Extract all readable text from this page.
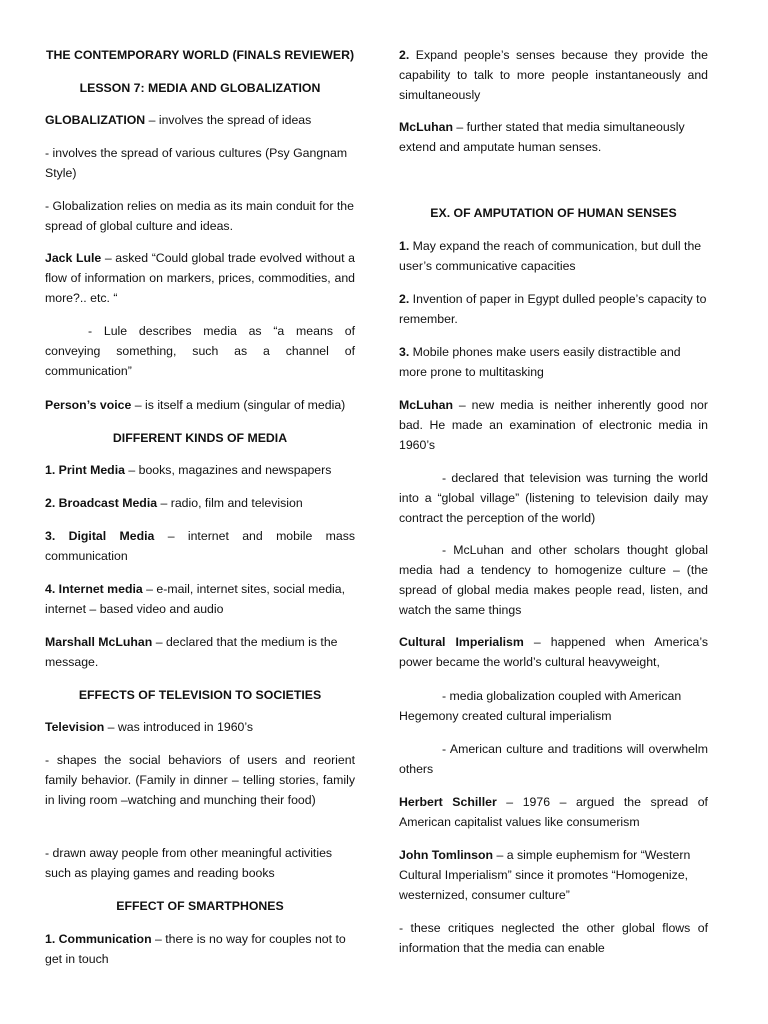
THE CONTEMPORARY WORLD (FINALS REVIEWER)

LESSON 7: MEDIA AND GLOBALIZATION

GLOBALIZATION – involves the spread of ideas

- involves the spread of various cultures (Psy Gangnam Style)

- Globalization relies on media as its main conduit for the spread of global culture and ideas.

Jack Lule – asked “Could global trade evolved without a flow of information on markers, prices, commodities, and more?.. etc. “

- Lule describes media as “a means of conveying something, such as a channel of communication”

Person’s voice – is itself a medium (singular of media)

DIFFERENT KINDS OF MEDIA

1. Print Media – books, magazines and newspapers

2. Broadcast Media – radio, film and television

3. Digital Media – internet and mobile mass communication

4. Internet media – e-mail, internet sites, social media, internet – based video and audio

Marshall McLuhan – declared that the medium is the message.

EFFECTS OF TELEVISION TO SOCIETIES

Television – was introduced in 1960’s

- shapes the social behaviors of users and reorient family behavior. (Family in dinner – telling stories, family in living room –watching and munching their food)

- drawn away people from other meaningful activities such as playing games and reading books

EFFECT OF SMARTPHONES

1. Communication – there is no way for couples not to get in touch

2. Expand people’s senses because they provide the capability to talk to more people instantaneously and simultaneously

McLuhan – further stated that media simultaneously extend and amputate human senses.

EX. OF AMPUTATION OF HUMAN SENSES

1. May expand the reach of communication, but dull the user’s communicative capacities

2. Invention of paper in Egypt dulled people’s capacity to remember.

3. Mobile phones make users easily distractible and more prone to multitasking

McLuhan – new media is neither inherently good nor bad. He made an examination of electronic media in 1960’s

- declared that television was turning the world into a “global village” (listening to television daily may contract the perception of the world)

- McLuhan and other scholars thought global media had a tendency to homogenize culture – (the spread of global media makes people read, listen, and watch the same things

Cultural Imperialism – happened when America’s power became the world’s cultural heavyweight,

- media globalization coupled with American Hegemony created cultural imperialism

- American culture and traditions will overwhelm others

Herbert Schiller – 1976 – argued the spread of American capitalist values like consumerism

John Tomlinson – a simple euphemism for “Western Cultural Imperialism” since it promotes “Homogenize, westernized, consumer culture”

- these critiques neglected the other global flows of information that the media can enable
